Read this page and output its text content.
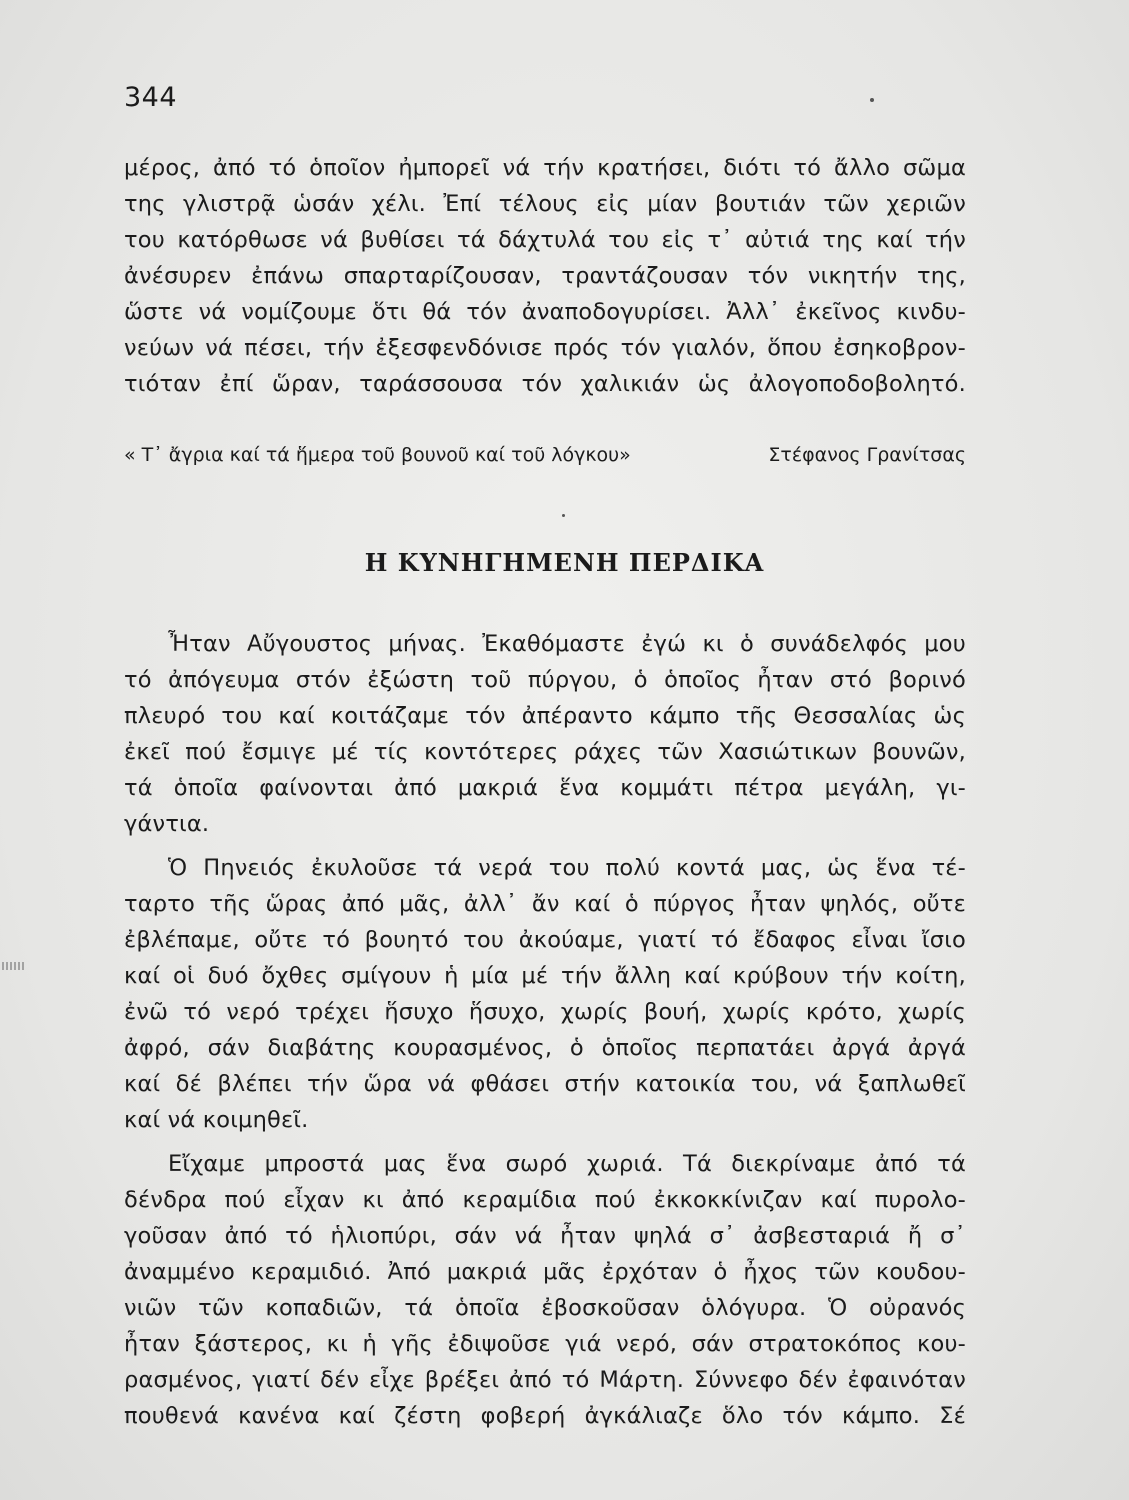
344
μέρος, ἀπό τό ὁποῖον ἠμπορεῖ νά τήν κρατήσει, διότι τό ἄλλο σῶμα
της γλιστρᾷ ὡσάν χέλι. Ἐπί τέλους εἰς μίαν βουτιάν τῶν χεριῶν
του κατόρθωσε νά βυθίσει τά δάχτυλά του εἰς τ᾽ αὐτιά της καί τήν
ἀνέσυρεν ἐπάνω σπαρταρίζουσαν, τραντάζουσαν τόν νικητήν της,
ὥστε νά νομίζουμε ὅτι θά τόν ἀναποδογυρίσει. Ἀλλ᾽ ἐκεῖνος κινδυ-
νεύων νά πέσει, τήν ἐξεσφενδόνισε πρός τόν γιαλόν, ὅπου ἐσηκοβρον-
τιόταν ἐπί ὥραν, ταράσσουσα τόν χαλικιάν ὡς ἀλογοποδοβολητό.
« Τ᾽ ἄγρια καί τά ἥμερα τοῦ βουνοῦ καί τοῦ λόγκου»	Στέφανος Γρανίτσας
Η ΚΥΝΗΓΗΜΕΝΗ ΠΕΡΔΙΚΑ
Ἦταν Αὔγουστος μήνας. Ἐκαθόμαστε ἐγώ κι ὁ συνάδελφός μου
τό ἀπόγευμα στόν ἐξώστη τοῦ πύργου, ὁ ὁποῖος ἦταν στό βορινό
πλευρό του καί κοιτάζαμε τόν ἀπέραντο κάμπο τῆς Θεσσαλίας ὡς
ἐκεῖ πού ἔσμιγε μέ τίς κοντότερες ράχες τῶν Χασιώτικων βουνῶν,
τά ὁποῖα φαίνονται ἀπό μακριά ἕνα κομμάτι πέτρα μεγάλη, γι-
γάντια.
Ὁ Πηνειός ἐκυλοῦσε τά νερά του πολύ κοντά μας, ὡς ἕνα τέ-
ταρτο τῆς ὥρας ἀπό μᾶς, ἀλλ᾽ ἄν καί ὁ πύργος ἦταν ψηλός, οὔτε
ἐβλέπαμε, οὔτε τό βουητό του ἀκούαμε, γιατί τό ἔδαφος εἶναι ἴσιο
καί οἱ δυό ὄχθες σμίγουν ἡ μία μέ τήν ἄλλη καί κρύβουν τήν κοίτη,
ἐνῶ τό νερό τρέχει ἥσυχο ἥσυχο, χωρίς βουή, χωρίς κρότο, χωρίς
ἀφρό, σάν διαβάτης κουρασμένος, ὁ ὁποῖος περπατάει ἀργά ἀργά
καί δέ βλέπει τήν ὥρα νά φθάσει στήν κατοικία του, νά ξαπλωθεῖ
καί νά κοιμηθεῖ.
Εἴχαμε μπροστά μας ἕνα σωρό χωριά. Τά διεκρίναμε ἀπό τά
δένδρα πού εἶχαν κι ἀπό κεραμίδια πού ἐκκοκκίνιζαν καί πυρολο-
γοῦσαν ἀπό τό ἡλιοπύρι, σάν νά ἦταν ψηλά σ᾽ ἀσβεσταριά ἤ σ᾽
ἀναμμένο κεραμιδιό. Ἀπό μακριά μᾶς ἐρχόταν ὁ ἦχος τῶν κουδου-
νιῶν τῶν κοπαδιῶν, τά ὁποῖα ἐβοσκοῦσαν ὁλόγυρα. Ὁ οὐρανός
ἦταν ξάστερος, κι ἡ γῆς ἐδιψοῦσε γιά νερό, σάν στρατοκόπος κου-
ρασμένος, γιατί δέν εἶχε βρέξει ἀπό τό Μάρτη. Σύννεφο δέν ἐφαινόταν
πουθενά κανένα καί ζέστη φοβερή ἀγκάλιαζε ὅλο τόν κάμπο. Σέ
